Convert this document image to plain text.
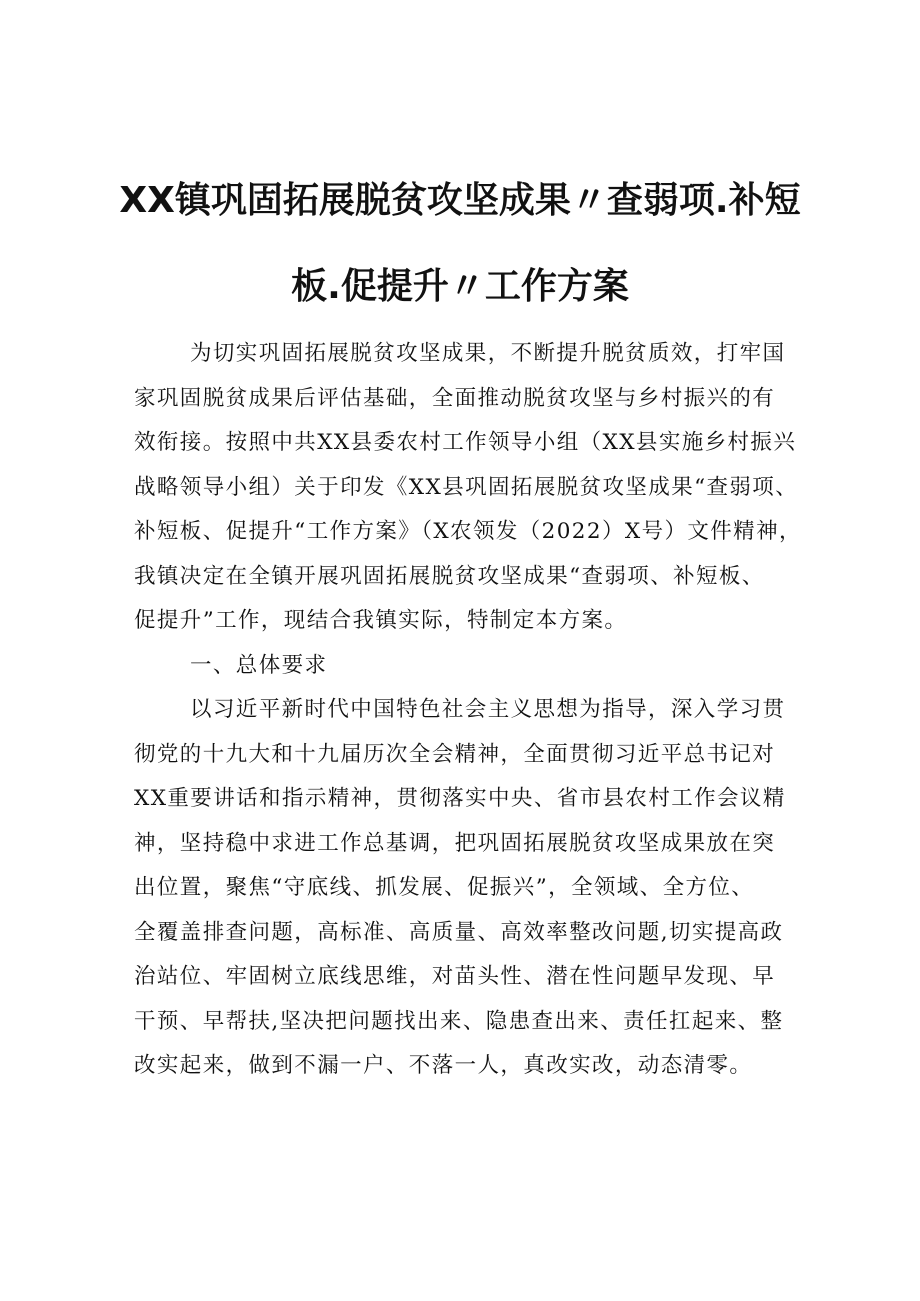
XX镇巩固拓展脱贫攻坚成果〃查弱项.补短
板.促提升〃工作方案
为切实巩固拓展脱贫攻坚成果，不断提升脱贫质效，打牢国
家巩固脱贫成果后评估基础，全面推动脱贫攻坚与乡村振兴的有
效衔接。按照中共XX县委农村工作领导小组（XX县实施乡村振兴
战略领导小组）关于印发《XX县巩固拓展脱贫攻坚成果“查弱项、
补短板、促提升“工作方案》（X农领发（2022）X号）文件精神，
我镇决定在全镇开展巩固拓展脱贫攻坚成果“查弱项、补短板、
促提升”工作，现结合我镇实际，特制定本方案。
一、总体要求
以习近平新时代中国特色社会主义思想为指导，深入学习贯
彻党的十九大和十九届历次全会精神，全面贯彻习近平总书记对
XX重要讲话和指示精神，贯彻落实中央、省市县农村工作会议精
神，坚持稳中求进工作总基调，把巩固拓展脱贫攻坚成果放在突
出位置，聚焦“守底线、抓发展、促振兴”，全领域、全方位、
全覆盖排查问题，高标准、高质量、高效率整改问题,切实提高政
治站位、牢固树立底线思维，对苗头性、潜在性问题早发现、早
干预、早帮扶,坚决把问题找出来、隐患查出来、责任扛起来、整
改实起来，做到不漏一户、不落一人，真改实改，动态清零。
